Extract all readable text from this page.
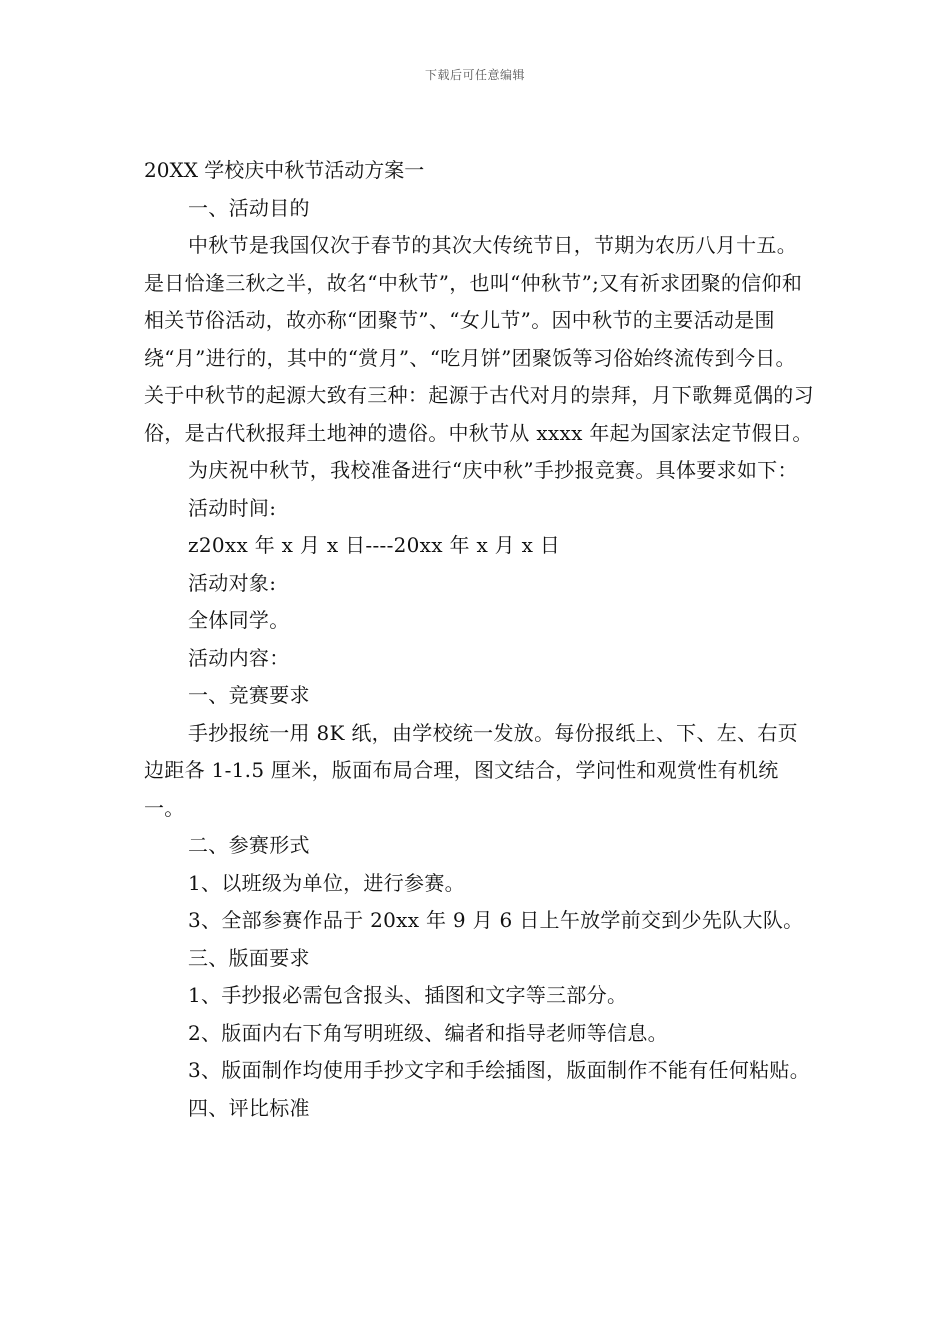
下载后可任意编辑
20XX 学校庆中秋节活动方案一

一、活动目的

中秋节是我国仅次于春节的其次大传统节日，节期为农历八月十五。是日恰逢三秋之半，故名“中秋节”，也叫“仲秋节”;又有祈求团聚的信仰和相关节俗活动，故亦称“团聚节”、“女儿节”。因中秋节的主要活动是围绕“月”进行的，其中的“赏月”、“吃月饼”团聚饭等习俗始终流传到今日。关于中秋节的起源大致有三种：起源于古代对月的崇拜，月下歌舞觅偶的习俗，是古代秋报拜土地神的遗俗。中秋节从 xxxx 年起为国家法定节假日。

为庆祝中秋节，我校准备进行“庆中秋”手抄报竞赛。具体要求如下：

活动时间:

z20xx 年 x 月 x 日----20xx 年 x 月 x 日

活动对象:

全体同学。

活动内容：

一、竞赛要求

手抄报统一用 8K 纸，由学校统一发放。每份报纸上、下、左、右页边距各 1-1.5 厘米，版面布局合理，图文结合，学问性和观赏性有机统一。

二、参赛形式

1、以班级为单位，进行参赛。

3、全部参赛作品于 20xx 年 9 月 6 日上午放学前交到少先队大队。

三、版面要求

1、手抄报必需包含报头、插图和文字等三部分。

2、版面内右下角写明班级、编者和指导老师等信息。

3、版面制作均使用手抄文字和手绘插图，版面制作不能有任何粘贴。

四、评比标准
